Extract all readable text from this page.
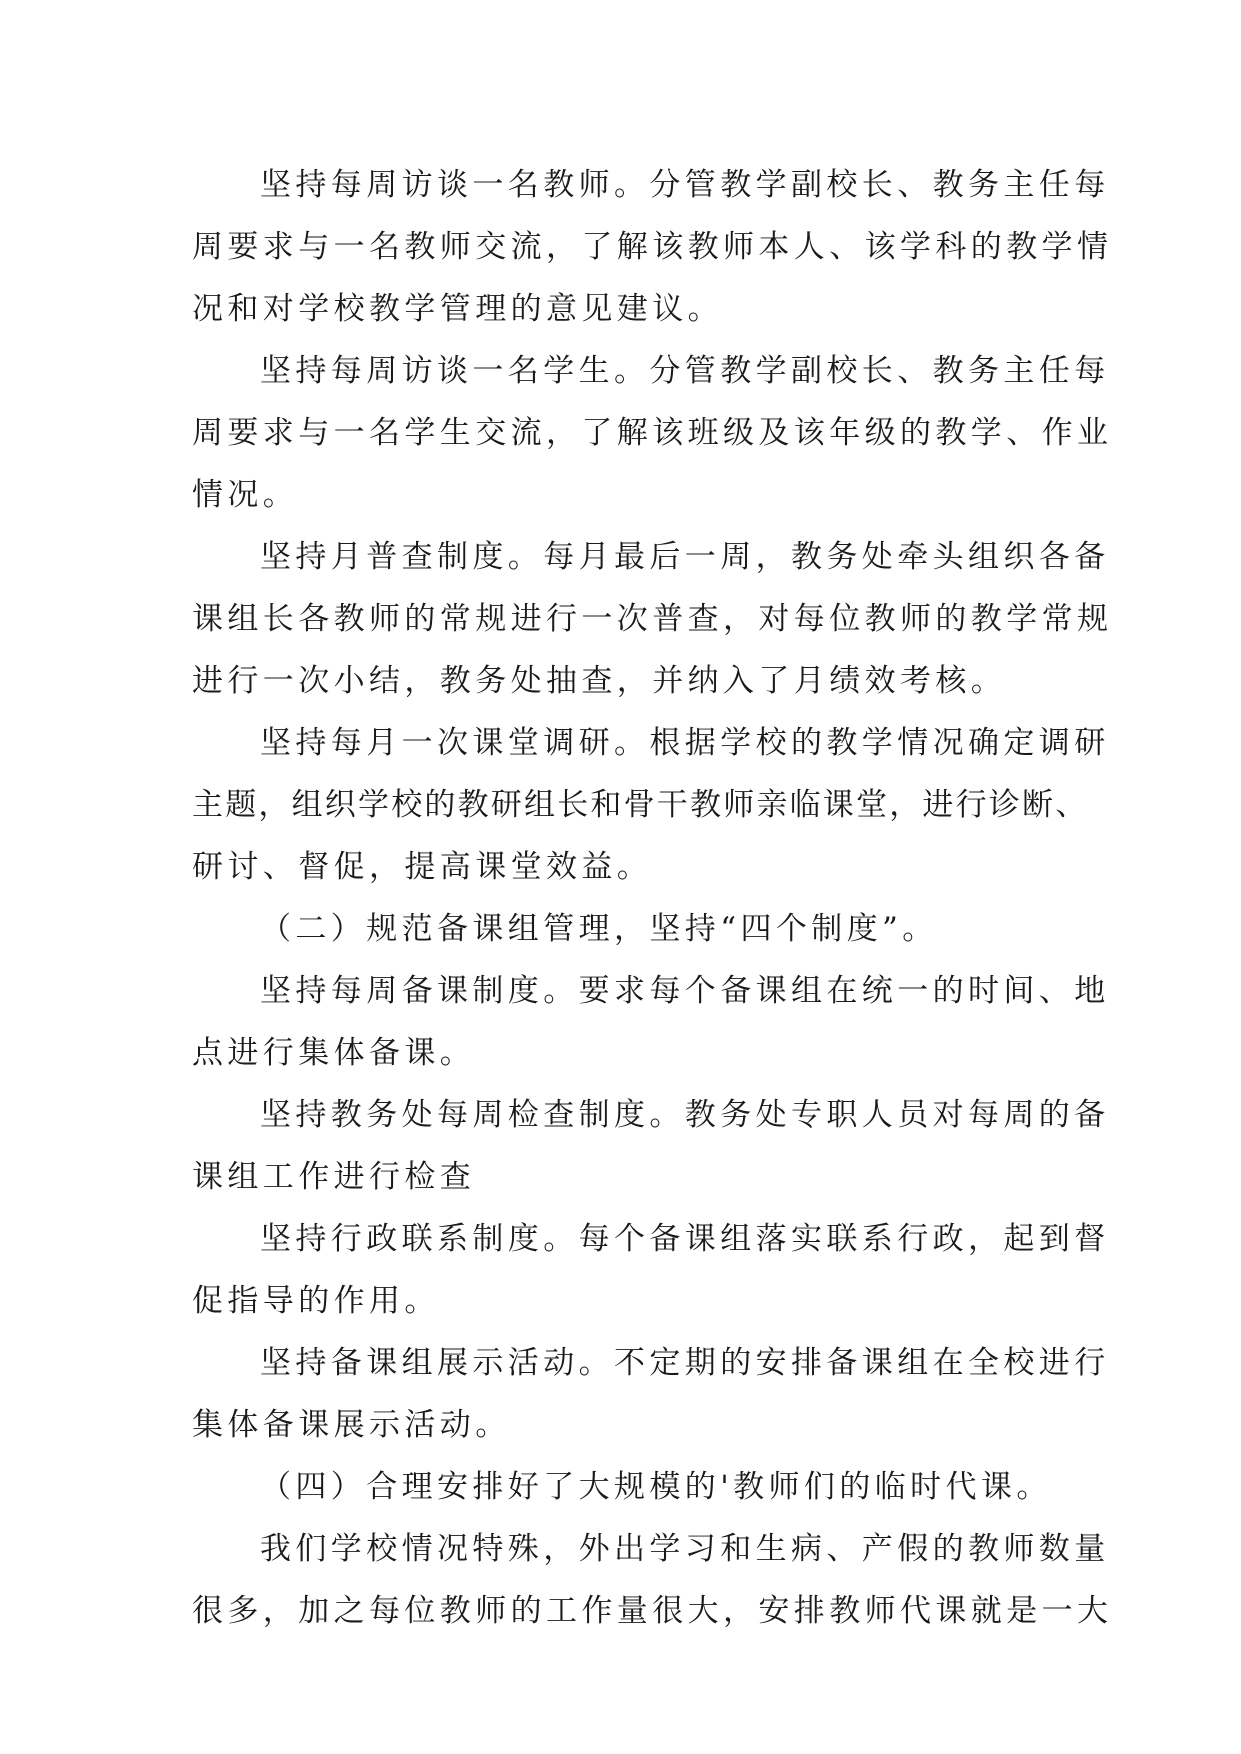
坚持每周访谈一名教师。分管教学副校长、教务主任每
周要求与一名教师交流，了解该教师本人、该学科的教学情
况和对学校教学管理的意见建议。

坚持每周访谈一名学生。分管教学副校长、教务主任每
周要求与一名学生交流，了解该班级及该年级的教学、作业
情况。

坚持月普查制度。每月最后一周，教务处牵头组织各备
课组长各教师的常规进行一次普查，对每位教师的教学常规
进行一次小结，教务处抽查，并纳入了月绩效考核。

坚持每月一次课堂调研。根据学校的教学情况确定调研
主题，组织学校的教研组长和骨干教师亲临课堂，进行诊断、
研讨、督促，提高课堂效益。

（二）规范备课组管理，坚持“四个制度”。

坚持每周备课制度。要求每个备课组在统一的时间、地
点进行集体备课。

坚持教务处每周检查制度。教务处专职人员对每周的备
课组工作进行检查

坚持行政联系制度。每个备课组落实联系行政，起到督
促指导的作用。

坚持备课组展示活动。不定期的安排备课组在全校进行
集体备课展示活动。

（四）合理安排好了大规模的'教师们的临时代课。

我们学校情况特殊，外出学习和生病、产假的教师数量
很多，加之每位教师的工作量很大，安排教师代课就是一大
